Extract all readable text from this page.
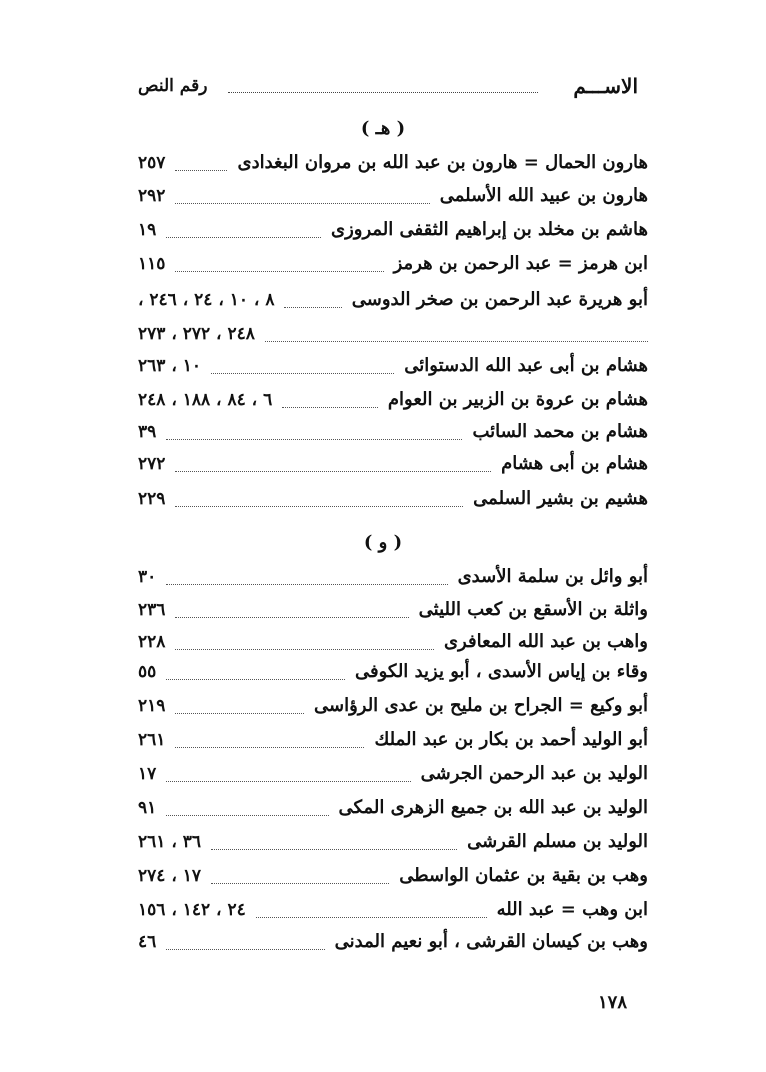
الاســـم
رقم النص
( هـ )
هارون الحمال = هارون بن عبد الله بن مروان البغدادى
٢٥٧
هارون بن عبيد الله الأسلمى
٢٩٢
هاشم بن مخلد بن إبراهيم الثقفى المروزى
١٩
ابن هرمز = عبد الرحمن بن هرمز
١١٥
أبو هريرة عبد الرحمن بن صخر الدوسى
٨ ، ١٠ ، ٢٤ ، ٢٤٦ ،
٢٤٨ ، ٢٧٢ ، ٢٧٣
هشام بن أبى عبد الله الدستوائى
١٠ ، ٢٦٣
هشام بن عروة بن الزبير بن العوام
٦ ، ٨٤ ، ١٨٨ ، ٢٤٨
هشام بن محمد السائب
٣٩
هشام بن أبى هشام
٢٧٢
هشيم بن بشير السلمى
٢٢٩
( و )
أبو وائل بن سلمة الأسدى
٣٠
واثلة بن الأسقع بن كعب الليثى
٢٣٦
واهب بن عبد الله المعافرى
٢٢٨
وقاء بن إياس الأسدى ، أبو يزيد الكوفى
٥٥
أبو وكيع = الجراح بن مليح بن عدى الرؤاسى
٢١٩
أبو الوليد أحمد بن بكار بن عبد الملك
٢٦١
الوليد بن عبد الرحمن الجرشى
١٧
الوليد بن عبد الله بن جميع الزهرى المكى
٩١
الوليد بن مسلم القرشى
٣٦ ، ٢٦١
وهب بن بقية بن عثمان الواسطى
١٧ ، ٢٧٤
ابن وهب = عبد الله
٢٤ ، ١٤٢ ، ١٥٦
وهب بن كيسان القرشى ، أبو نعيم المدنى
٤٦
١٧٨
